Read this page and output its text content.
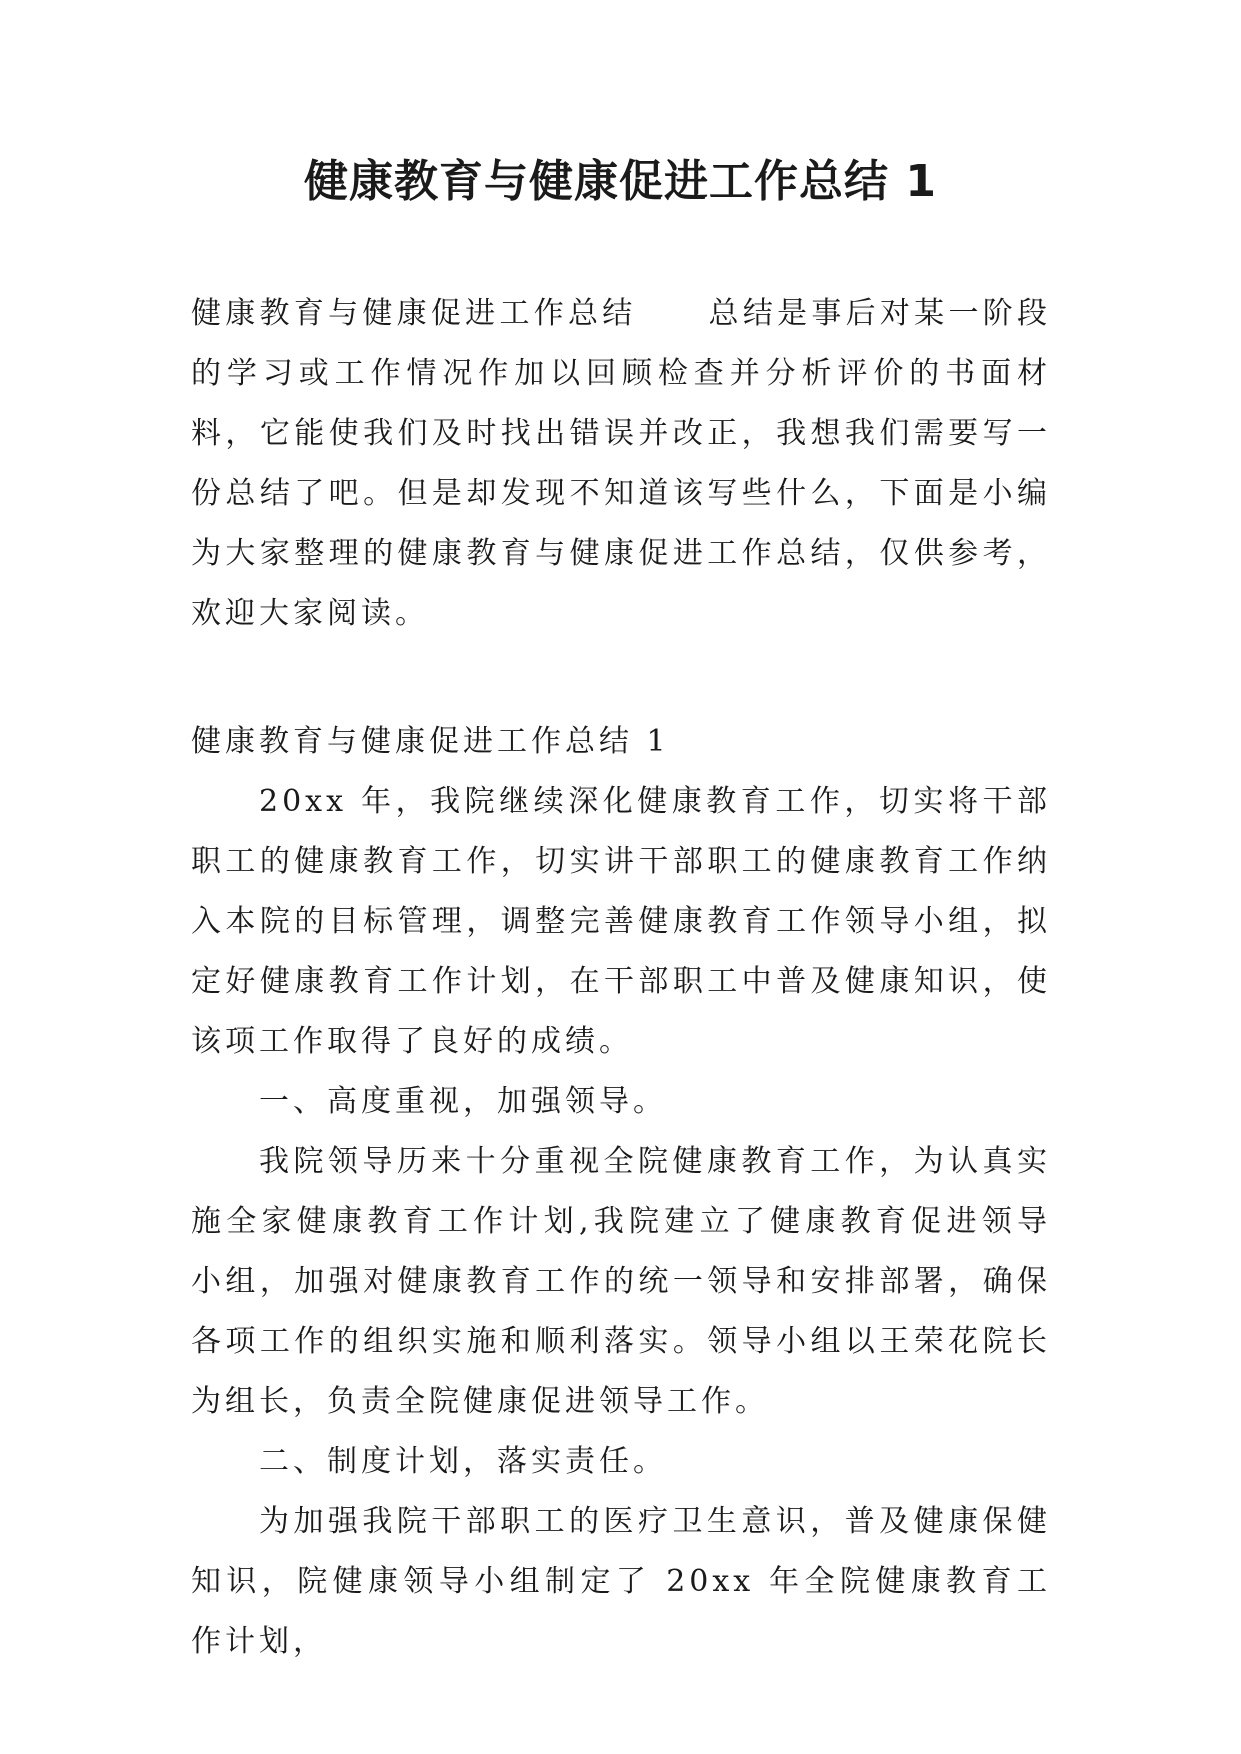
健康教育与健康促进工作总结 1

健康教育与健康促进工作总结 总结是事后对某一阶段的学习或工作情况作加以回顾检查并分析评价的书面材料，它能使我们及时找出错误并改正，我想我们需要写一份总结了吧。但是却发现不知道该写些什么，下面是小编为大家整理的健康教育与健康促进工作总结，仅供参考，欢迎大家阅读。

健康教育与健康促进工作总结 1

20xx 年，我院继续深化健康教育工作，切实将干部职工的健康教育工作，切实讲干部职工的健康教育工作纳入本院的目标管理，调整完善健康教育工作领导小组，拟定好健康教育工作计划，在干部职工中普及健康知识，使该项工作取得了良好的成绩。

一、高度重视，加强领导。

我院领导历来十分重视全院健康教育工作，为认真实施全家健康教育工作计划,我院建立了健康教育促进领导小组，加强对健康教育工作的统一领导和安排部署，确保各项工作的组织实施和顺利落实。领导小组以王荣花院长为组长，负责全院健康促进领导工作。

二、制度计划，落实责任。

为加强我院干部职工的医疗卫生意识，普及健康保健知识，院健康领导小组制定了 20xx 年全院健康教育工作计划，
